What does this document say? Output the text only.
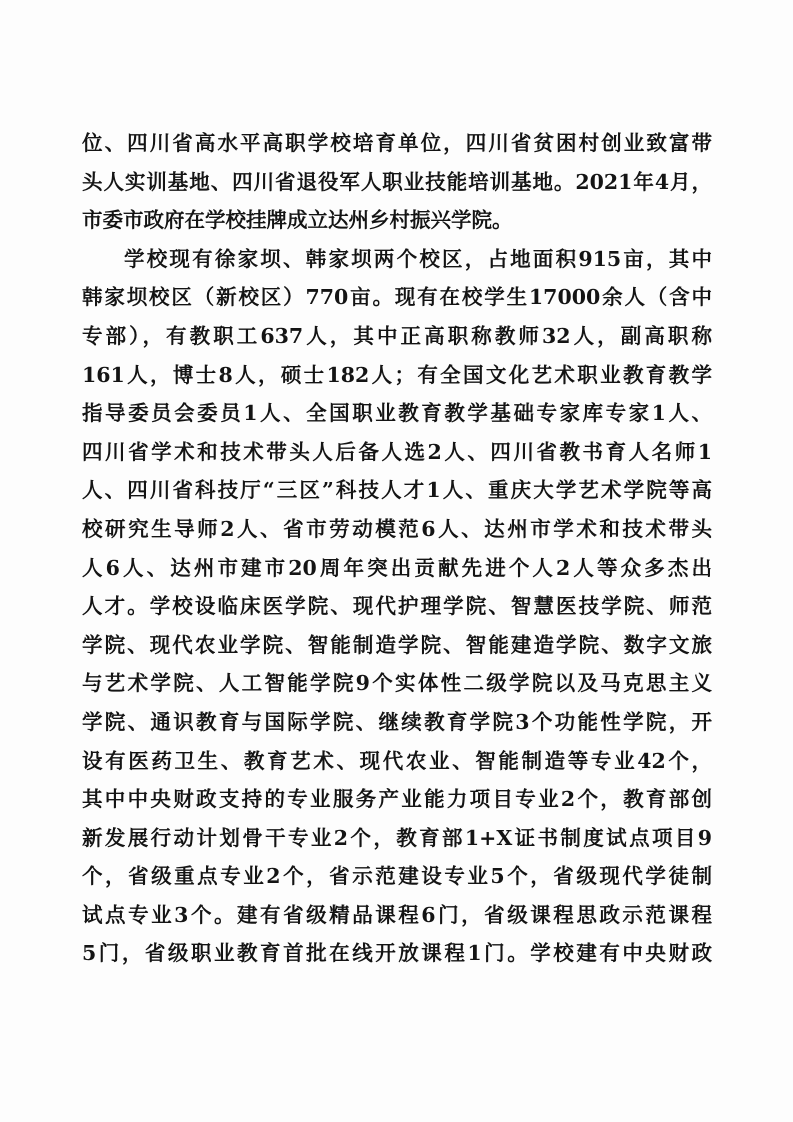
位、四川省高水平高职学校培育单位，四川省贫困村创业致富带
头人实训基地、四川省退役军人职业技能培训基地。2021年4月，
市委市政府在学校挂牌成立达州乡村振兴学院。
学校现有徐家坝、韩家坝两个校区，占地面积915亩，其中
韩家坝校区（新校区）770亩。现有在校学生17000余人（含中
专部），有教职工637人，其中正高职称教师32人，副高职称
161人，博士8人，硕士182人；有全国文化艺术职业教育教学
指导委员会委员1人、全国职业教育教学基础专家库专家1人、
四川省学术和技术带头人后备人选2人、四川省教书育人名师1
人、四川省科技厅“三区”科技人才1人、重庆大学艺术学院等高
校研究生导师2人、省市劳动模范6人、达州市学术和技术带头
人6人、达州市建市20周年突出贡献先进个人2人等众多杰出
人才。学校设临床医学院、现代护理学院、智慧医技学院、师范
学院、现代农业学院、智能制造学院、智能建造学院、数字文旅
与艺术学院、人工智能学院9个实体性二级学院以及马克思主义
学院、通识教育与国际学院、继续教育学院3个功能性学院，开
设有医药卫生、教育艺术、现代农业、智能制造等专业42个，
其中中央财政支持的专业服务产业能力项目专业2个，教育部创
新发展行动计划骨干专业2个，教育部1+X证书制度试点项目9
个，省级重点专业2个，省示范建设专业5个，省级现代学徒制
试点专业3个。建有省级精品课程6门，省级课程思政示范课程
5门，省级职业教育首批在线开放课程1门。学校建有中央财政
